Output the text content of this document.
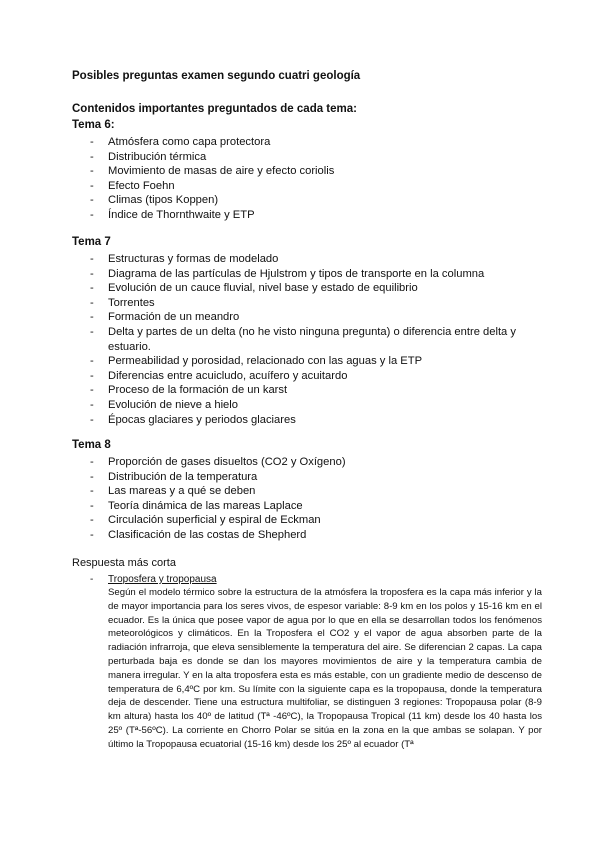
Posibles preguntas examen segundo cuatri geología

Contenidos importantes preguntados de cada tema:

Tema 6:

- Atmósfera como capa protectora
- Distribución térmica
- Movimiento de masas de aire y efecto coriolis
- Efecto Foehn
- Climas (tipos Koppen)
- Índice de Thornthwaite y ETP

Tema 7

- Estructuras y formas de modelado
- Diagrama de las partículas de Hjulstrom y tipos de transporte en la columna
- Evolución de un cauce fluvial, nivel base y estado de equilibrio
- Torrentes
- Formación de un meandro
- Delta y partes de un delta (no he visto ninguna pregunta) o diferencia entre delta y estuario.
- Permeabilidad y porosidad, relacionado con las aguas y la ETP
- Diferencias entre acuicludo, acuífero y acuitardo
- Proceso de la formación de un karst
- Evolución de nieve a hielo
- Épocas glaciares y periodos glaciares

Tema 8

- Proporción de gases disueltos (CO2 y Oxígeno)
- Distribución de la temperatura
- Las mareas y a qué se deben
- Teoría dinámica de las mareas Laplace
- Circulación superficial y espiral de Eckman
- Clasificación de las costas de Shepherd

Respuesta más corta

- Troposfera y tropopausa

Según el modelo térmico sobre la estructura de la atmósfera la troposfera es la capa más inferior y la de mayor importancia para los seres vivos, de espesor variable: 8-9 km en los polos y 15-16 km en el ecuador. Es la única que posee vapor de agua por lo que en ella se desarrollan todos los fenómenos meteorológicos y climáticos. En la Troposfera el CO2 y el vapor de agua absorben parte de la radiación infrarroja, que eleva sensiblemente la temperatura del aire. Se diferencian 2 capas. La capa perturbada baja es donde se dan los mayores movimientos de aire y la temperatura cambia de manera irregular. Y en la alta troposfera esta es más estable, con un gradiente medio de descenso de temperatura de 6,4ºC por km. Su límite con la siguiente capa es la tropopausa, donde la temperatura deja de descender. Tiene una estructura multifoliar, se distinguen 3 regiones: Tropopausa polar (8-9 km altura) hasta los 40º de latitud (Tª -46ºC), la Tropopausa Tropical (11 km) desde los 40 hasta los 25º (Tª-56ºC). La corriente en Chorro Polar se sitúa en la zona en la que ambas se solapan. Y por último la Tropopausa ecuatorial (15-16 km) desde los 25º al ecuador (Tª
